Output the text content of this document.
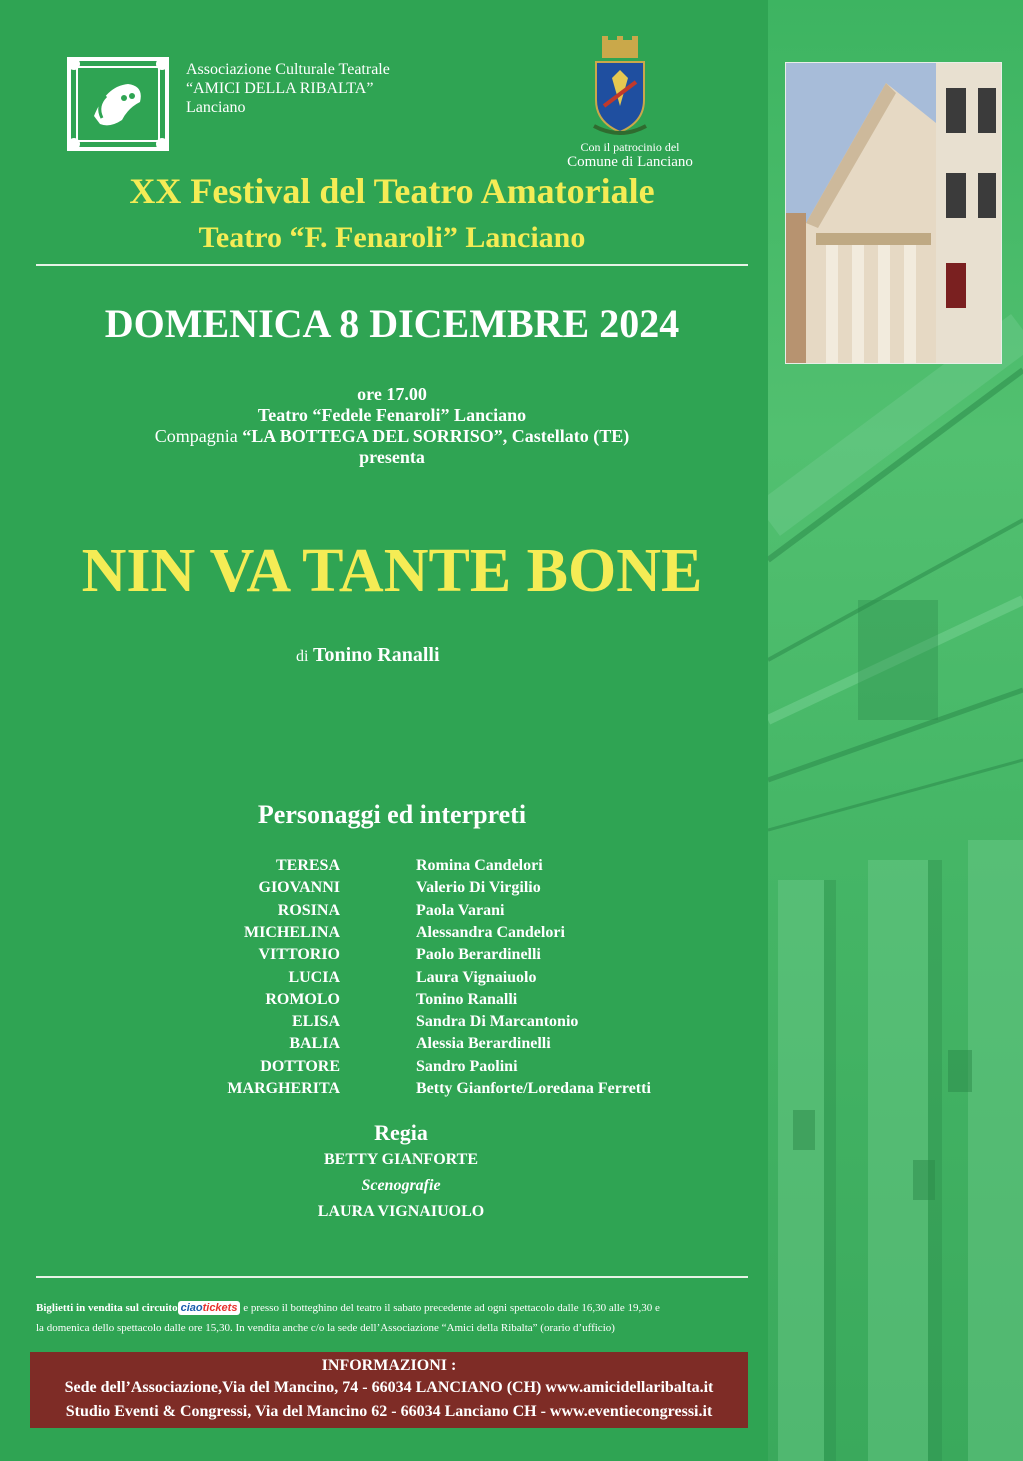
Associazione Culturale Teatrale
“AMICI DELLA RIBALTA”
Lanciano
Con il patrocinio del
Comune di Lanciano
XX Festival del Teatro Amatoriale
Teatro “F. Fenaroli” Lanciano
DOMENICA 8 DICEMBRE 2024
ore 17.00
Teatro “Fedele Fenaroli” Lanciano
Compagnia “LA BOTTEGA DEL SORRISO”, Castellato (TE)
presenta
NIN VA TANTE BONE
di Tonino Ranalli
Personaggi ed interpreti
TERESA	Romina Candelori
GIOVANNI	Valerio Di Virgilio
ROSINA	Paola Varani
MICHELINA	Alessandra Candelori
VITTORIO	Paolo Berardinelli
LUCIA	Laura Vignaiuolo
ROMOLO	Tonino Ranalli
ELISA	Sandra Di Marcantonio
BALIA	Alessia Berardinelli
DOTTORE	Sandro Paolini
MARGHERITA	Betty Gianforte/Loredana Ferretti
Regia
BETTY GIANFORTE
Scenografie
LAURA VIGNAIUOLO
Biglietti in vendita sul circuito ciaotickets e presso il botteghino del teatro il sabato precedente ad ogni spettacolo dalle 16,30 alle 19,30 e
la domenica dello spettacolo dalle ore 15,30. In vendita anche c/o la sede dell’Associazione “Amici della Ribalta” (orario d’ufficio)
INFORMAZIONI :
Sede dell’Associazione,Via del Mancino, 74 - 66034 LANCIANO (CH) www.amicidellaribalta.it
Studio Eventi & Congressi, Via del Mancino 62 - 66034 Lanciano CH - www.eventiecongressi.it
